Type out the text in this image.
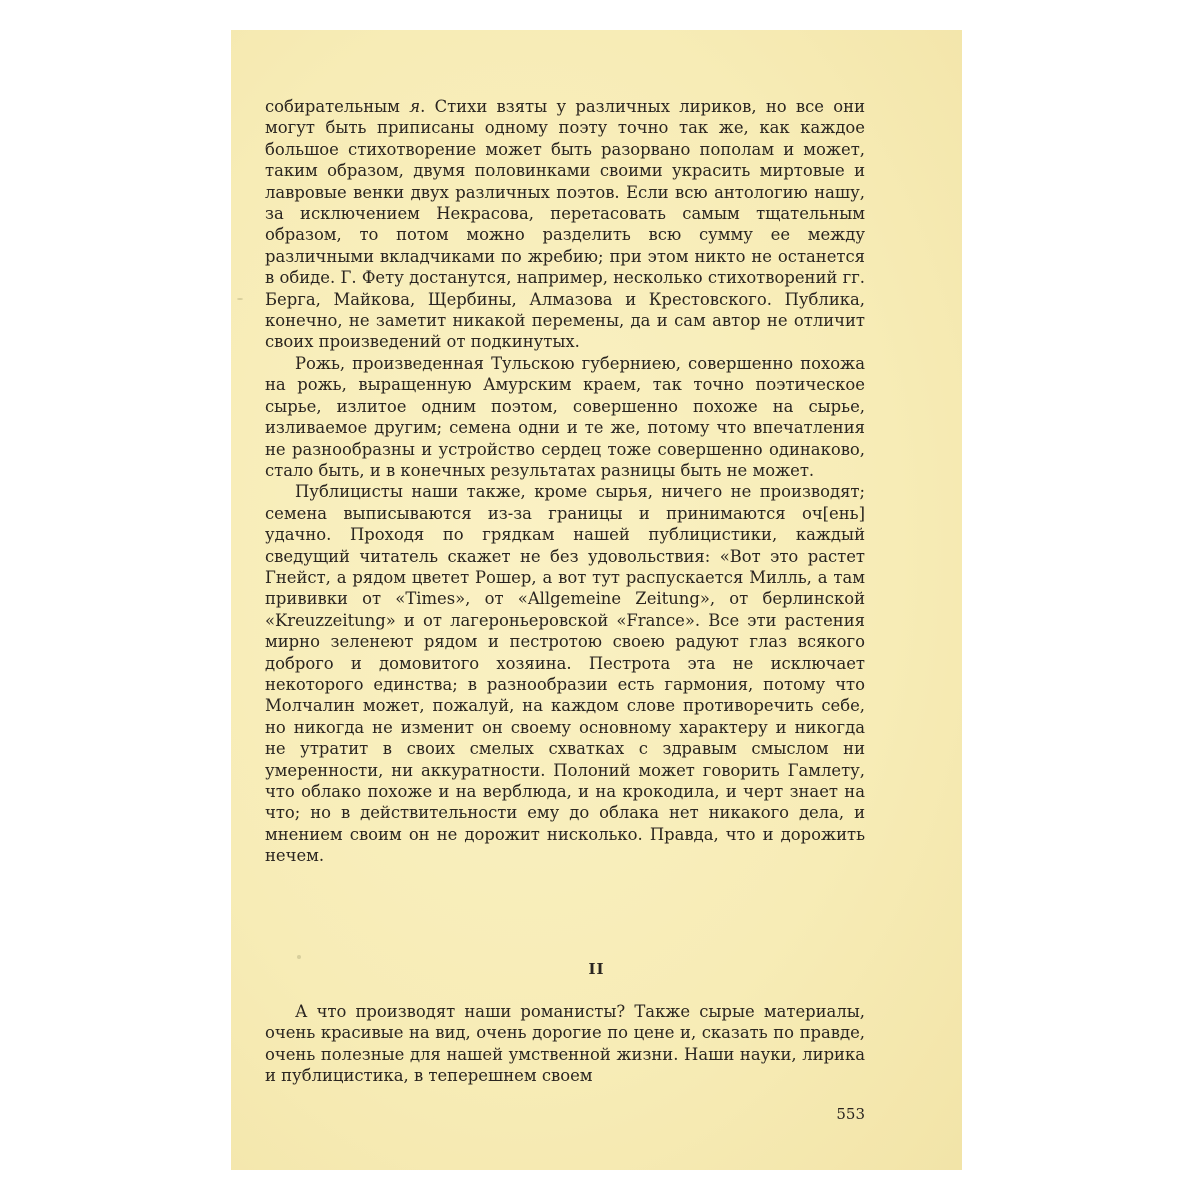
собирательным я. Стихи взяты у различных лириков, но все они могут быть приписаны одному поэту точно так же, как каждое большое стихотворение может быть разорвано пополам и может, таким образом, двумя половинками своими украсить миртовые и лавровые венки двух различных поэтов. Если всю антологию нашу, за исключением Некрасова, перетасовать самым тщательным образом, то потом можно разделить всю сумму ее между различными вкладчиками по жребию; при этом никто не останется в обиде. Г. Фету достанутся, например, несколько стихотворений гг. Берга, Майкова, Щербины, Алмазова и Крестовского. Публика, конечно, не заметит никакой перемены, да и сам автор не отличит своих произведений от подкинутых.

Рожь, произведенная Тульскою губерниею, совершенно похожа на рожь, выращенную Амурским краем, так точно поэтическое сырье, излитое одним поэтом, совершенно похоже на сырье, изливаемое другим; семена одни и те же, потому что впечатления не разнообразны и устройство сердец тоже совершенно одинаково, стало быть, и в конечных результатах разницы быть не может.

Публицисты наши также, кроме сырья, ничего не производят; семена выписываются из-за границы и принимаются оч[ень] удачно. Проходя по грядкам нашей публицистики, каждый сведущий читатель скажет не без удовольствия: «Вот это растет Гнейст, а рядом цветет Рошер, а вот тут распускается Милль, а там прививки от «Times», от «Allgemeine Zeitung», от берлинской «Kreuzzeitung» и от лагероньеровской «France». Все эти растения мирно зеленеют рядом и пестротою своею радуют глаз всякого доброго и домовитого хозяина. Пестрота эта не исключает некоторого единства; в разнообразии есть гармония, потому что Молчалин может, пожалуй, на каждом слове противоречить себе, но никогда не изменит он своему основному характеру и никогда не утратит в своих смелых схватках с здравым смыслом ни умеренности, ни аккуратности. Полоний может говорить Гамлету, что облако похоже и на верблюда, и на крокодила, и черт знает на что; но в действительности ему до облака нет никакого дела, и мнением своим он не дорожит нисколько. Правда, что и дорожить нечем.

II

А что производят наши романисты? Также сырые материалы, очень красивые на вид, очень дорогие по цене и, сказать по правде, очень полезные для нашей умственной жизни. Наши науки, лирика и публицистика, в теперешнем своем

553
